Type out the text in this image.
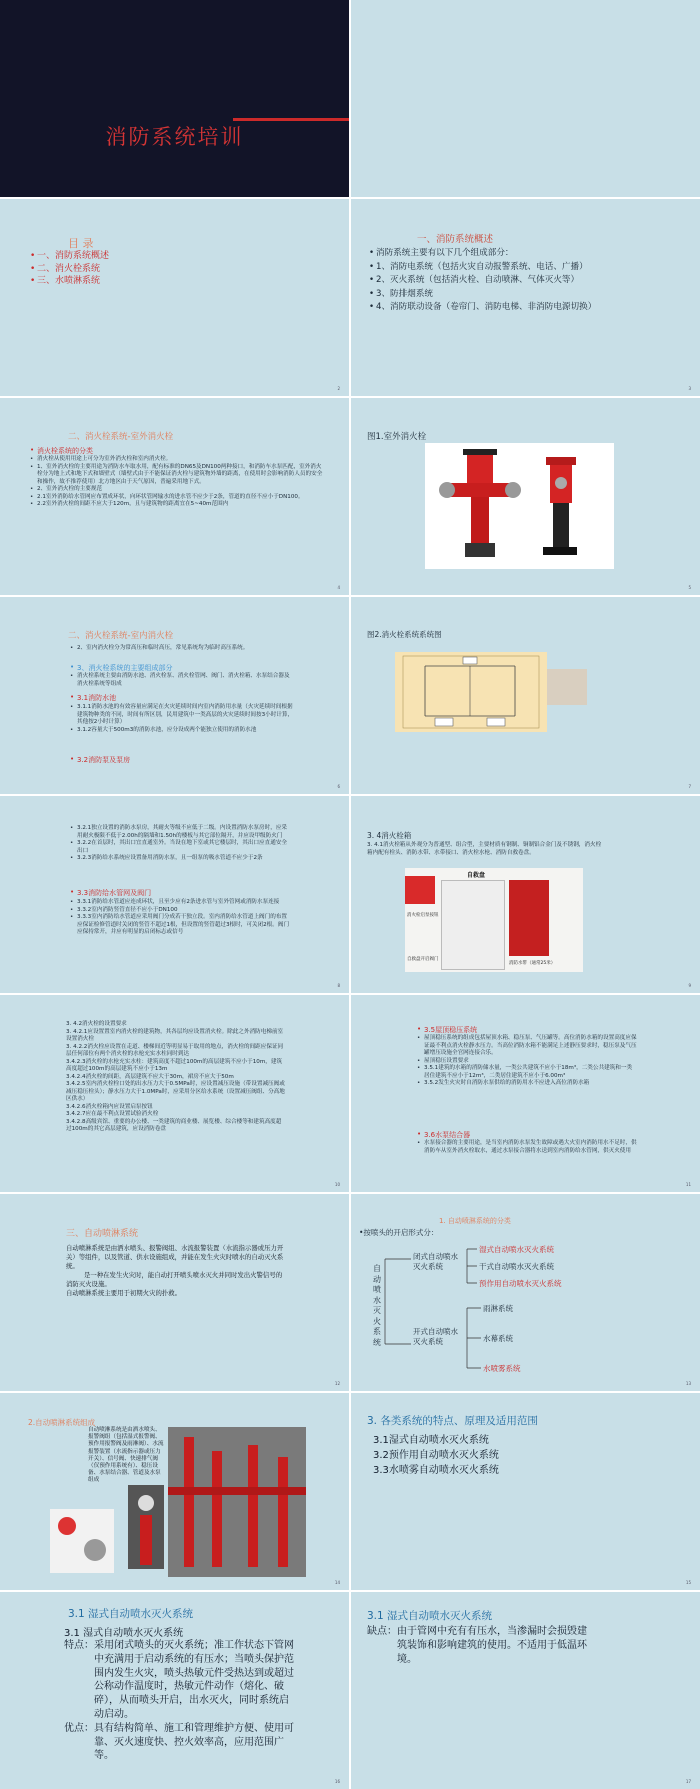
消防系统培训
目 录
• 一、消防系统概述
• 二、消火栓系统
• 三、水喷淋系统
2
一、消防系统概述
• 消防系统主要有以下几个组成部分：
• 1、消防电系统（包括火灾自动报警系统、电话、广播）
• 2、灭火系统（包括消火栓、自动喷淋、气体灭火等）
• 3、防排烟系统
• 4、消防联动设备（卷帘门、消防电梯、非消防电源切换）
3
二、消火栓系统-室外消火栓
• 消火栓系统的分类
• 消火栓从使用用途上可分为室外消火栓和室内消火栓。
• 1、室外消火栓的主要用途为消防水车取水用，配有标准的DN65及DN100两种接口，和消防车水泵匹配，室外消火栓分为地上式和地下式和墙壁式（墙壁式由于不能保证消火栓与建筑物外墙的距离，在使用时会影响消防人员的安全和操作，故不推荐使用）北方地区由于天气原因，普遍采用地下式。
• 2、室外消火栓的主要规范
• 2.1室外消防给水管网应布置成环状，向环状管网输水的进水管不应少于2条，管道的直径不应小于DN100。
• 2.2室外消火栓的间距不应大于120m，且与建筑物的距离宜在5~40m范围内
4
图1.室外消火栓
5
二、消火栓系统-室内消火栓
• 2、室内消火栓分为常高压和临时高压，常见系统均为临时高压系统。
• 3、消火栓系统的主要组成部分
• 消火栓系统主要由消防水池、消火栓泵、消火栓管网、阀门、消火栓箱、水泵结合器及消火栓系统等组成
• 3.1消防水池
• 3.1.1消防水池的有效容量应满足在火灾延续时间内室内消防用水量（火灾延续时间根据建筑物种类的不同，时间有所区别，民用建筑中一类高层的火灾延续时间按3小时计算，其他按2小时计算）
• 3.1.2容量大于500m3的消防水池，应分设成两个能独立使用的消防水池
• 3.2消防泵及泵房
6
图2.消火栓系统系统图
7
• 3.2.1独立设置的消防水泵房，其耐火等级不应低于二级。内设置消防水泵房时，应采用耐火极限不低于2.00h的隔墙和1.50h的楼板与其它部位隔开，并应设甲级防火门
• 3.2.2在首层时，其出口宜直通室外。当设在地下室或其它楼层时，其出口应直通安全出口
• 3.2.3消防给水系统应设置备用消防水泵，且一组泵的吸水管道不应少于2条
• 3.3消防给水管网及阀门
• 3.3.1消防给水管道应连成环状，且至少应有2条进水管与室外管网或消防水泵连接
• 3.3.2室内消防竖管直径不应小于DN100
• 3.3.3室内消防给水管道应采用阀门分成若干独立段。室内消防给水管道上阀门的布置应保证检修管道时关闭的竖管不超过1根，但设置的竖管超过3根时，可关闭2根。阀门应保持常开，并应有明显的启闭标志或信号
8
3. 4消火栓箱
3. 4.1消火栓箱从外观分为普通型、组合型，主要材质有钢制、铜制铝合金门及不锈钢，消火栓箱内配有栓头、消防水带、水带接口、消火栓水枪、消防自救卷盘。
自救盘
消火栓启泵按钮
自救盘开启阀门
消防水带（通常25米）
9
3. 4.2消火栓的设置要求
3. 4.2.1应设置置室内消火栓的建筑物，其各层均应设置消火栓。除此之外消防电梯前室设置消火栓
3. 4.2.2消火栓应设置在走道、楼梯间近等明显易于取用的地点，消火栓的间距应保证同层任何部位有两个消火栓的水枪充实水柱同时到达
3.4.2.3消火栓的水枪充实水柱：建筑高度不超过100m的高层建筑不应小于10m，建筑高度超过100m的高层建筑不应小于13m
3.4.2.4消火栓的间距，高层建筑不应大于30m，裙房不应大于50m
3.4.2.5室内消火栓栓口处的出水压力大于0.5MPa时，应设置减压设施（带设置减压阀或减压稳压栓头）；静水压力大于1.0MPa时，应采用分区给水系统（设置减压阀组、分高地区供水）
3.4.2.6消火栓箱内应设置启泵按钮
3.4.2.7应在最不利点设置试验消火栓
3.4.2.8高级宾馆、重要的办公楼、一类建筑的商业楼、展览楼、综合楼等和建筑高度超过100m的其它高层建筑，应设消防卷盘
10
• 3.5屋顶稳压系统
• 屋顶稳压系统的组成包括屋顶水箱、稳压泵、气压罐等。高位消防水箱的设置高度应保证最不利点消火栓静水压力。当高位消防水箱不能满足上述静压要求时，稳压泵及气压罐增压设施全官网连接合乐。
• 屋顶稳压设置要求
• 3.5.1建筑的水箱的消防储水量，一类公共建筑不应小于18m³，二类公共建筑和一类居住建筑不应小于12m³，二类居住建筑不应小于6.00m³
• 3.5.2发生火灾时自消防水泵供给的消防用水不应进入高位消防水箱
• 3.6水泵结合器
• 水泵接合器的主要用途，是当室内消防水泵发生故障或遇大火室内消防用水不足时，供消防车从室外消火栓取水，通过水泵接合器将水送到室内消防给水管网，供灭火使用
11
三、自动喷淋系统
自动喷淋系统是由洒水喷头、报警阀组、水流报警装置（水流指示器或压力开关）等组件，以及管道、供水设施组成，并能在发生火灾时喷水的自动灭火系统。
是一种在发生火灾时，能自动打开喷头喷水灭火并同时发出火警信号的消防灭火设施。
自动喷淋系统主要用于初期火灾的扑救。
12
1. 自动喷淋系统的分类
•按喷头的开启形式分：
自动喷水灭火系统
闭式自动喷水灭火系统
开式自动喷水灭火系统
湿式自动喷水灭火系统
干式自动喷水灭火系统
预作用自动喷水灭火系统
雨淋系统
水幕系统
水喷雾系统
13
2.自动喷淋系统组成
自动喷淋系统是由洒水喷头、报警阀组（包括湿式报警阀、预作用报警阀及雨淋阀）、水流报警装置（水流指示器或压力开关）、信号阀、快速排气阀（仅预作用系统有）、稳压设备、水泵结合器、管道及水泵组成
14
3. 各类系统的特点、原理及适用范围
3.1湿式自动喷水灭火系统
3.2预作用自动喷水灭火系统
3.3水喷雾自动喷水灭火系统
15
3.1 湿式自动喷水灭火系统
3.1 湿式自动喷水灭火系统
特点： 采用闭式喷头的灭火系统；准工作状态下管网中充满用于启动系统的有压水；当喷头保护范围内发生火灾，喷头热敏元件受热达到或超过公称动作温度时，热敏元件动作（熔化、破碎），从而喷头开启，出水灭火，同时系统启动启动。
优点： 具有结构简单、施工和管理维护方便、使用可靠、灭火速度快、控火效率高，应用范围广等。
16
3.1 湿式自动喷水灭火系统
缺点： 由于管网中充有有压水，当渗漏时会损毁建筑装饰和影响建筑的使用。不适用于低温环境。
17
